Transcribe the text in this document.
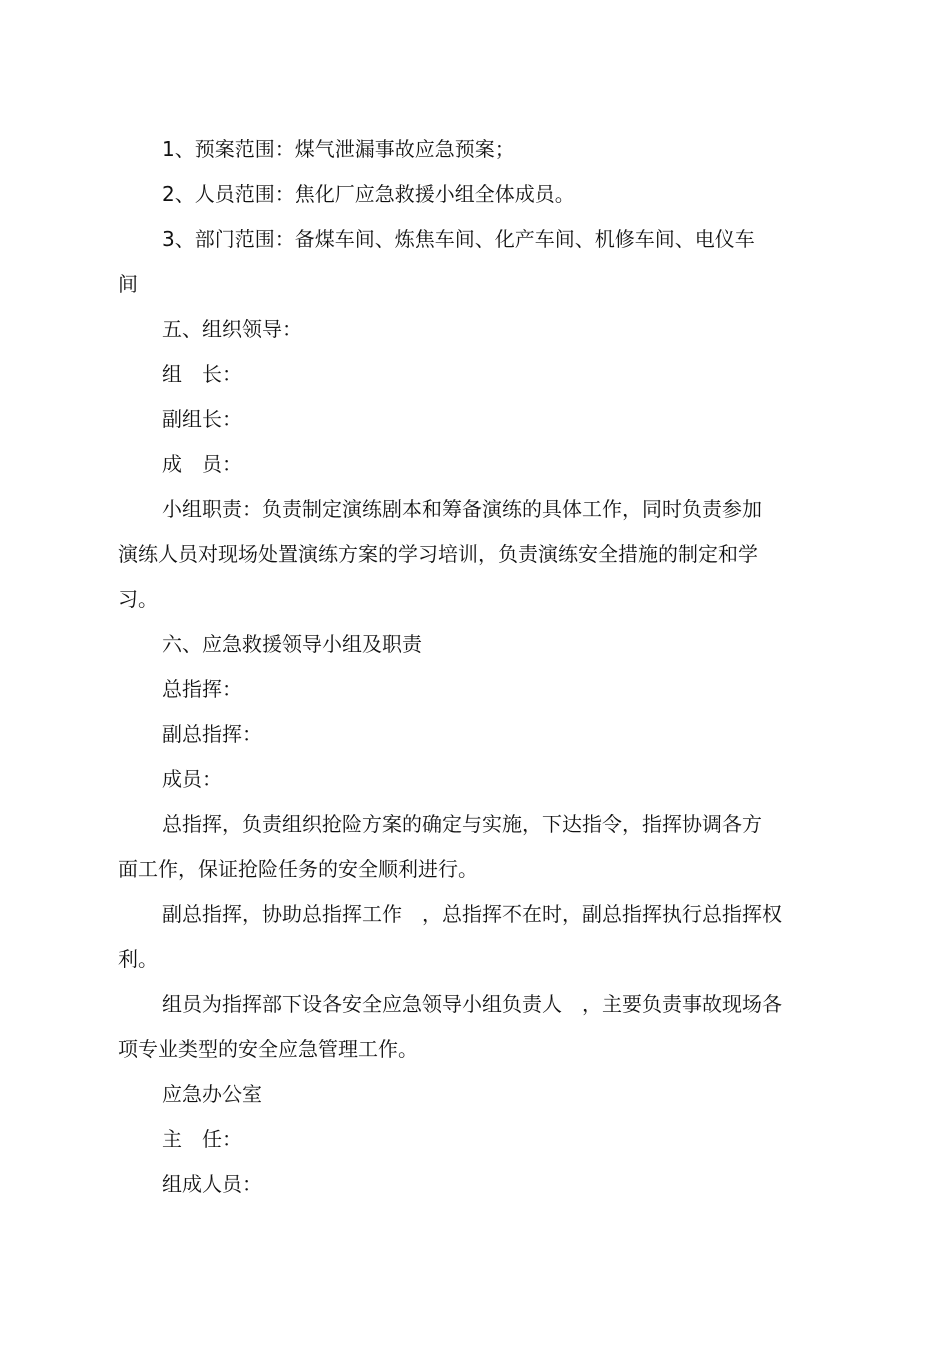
1、预案范围：煤气泄漏事故应急预案；
2、人员范围：焦化厂应急救援小组全体成员。
3、部门范围：备煤车间、炼焦车间、化产车间、机修车间、电仪车
间
五、组织领导：
组　长：
副组长：
成　员：
小组职责：负责制定演练剧本和筹备演练的具体工作，同时负责参加
演练人员对现场处置演练方案的学习培训，负责演练安全措施的制定和学
习。
六、应急救援领导小组及职责
总指挥：
副总指挥：
成员：
总指挥，负责组织抢险方案的确定与实施，下达指令，指挥协调各方
面工作，保证抢险任务的安全顺利进行。
副总指挥，协助总指挥工作　，总指挥不在时，副总指挥执行总指挥权
利。
组员为指挥部下设各安全应急领导小组负责人　，主要负责事故现场各
项专业类型的安全应急管理工作。
应急办公室
主　任：
组成人员：
